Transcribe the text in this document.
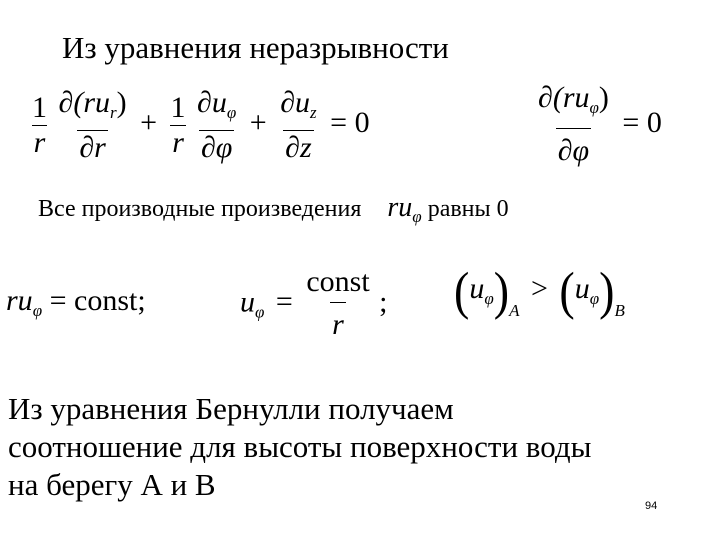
Из уравнения неразрывности
$\frac{1}{r}$
$\frac{\partial(ru_r)}{\partial r} + \frac{1}{r}$
$\frac{\partial u_\varphi}{\partial\varphi} + \frac{\partial u_z}{\partial z} = 0$	$\frac{\partial(ru_\varphi)}{\partial\varphi} = 0$
Все производные произведения $ru_\varphi$ равны 0
$ru_\varphi$ = const;	$u_\varphi = \frac{\text{const}}{r}$ ; $(u_\varphi)_A > (u_\varphi)_B$
Из уравнения Бернулли получаем
соотношение для высоты поверхности воды
на берегу А и В
94
